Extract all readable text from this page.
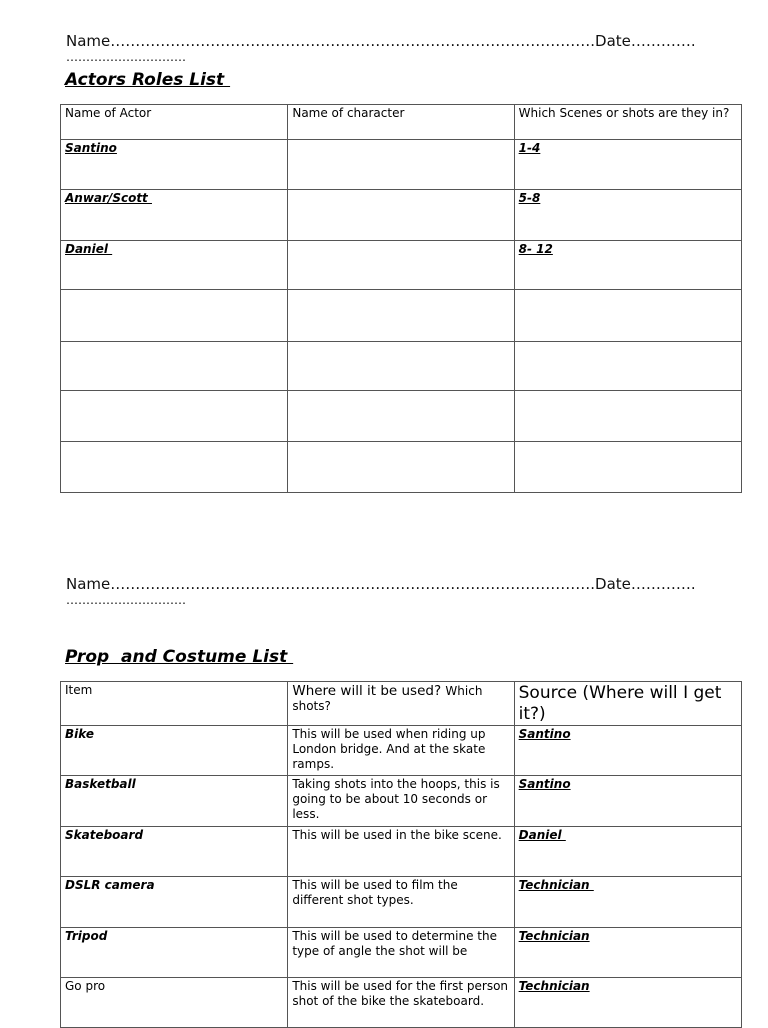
Name…………………………………………………………………………………….Date………….
…………………………
Actors Roles List
Name of Actor	Name of character	Which Scenes or shots are they in?
Santino		1-4
Anwar/Scott		5-8
Daniel		8- 12

Name…………………………………………………………………………………….Date………….
…………………………
Prop  and Costume List
Item	Where will it be used? Which shots?	Source (Where will I get it?)
Bike	This will be used when riding up London bridge. And at the skate ramps.	Santino
Basketball	Taking shots into the hoops, this is going to be about 10 seconds or less.	Santino
Skateboard	This will be used in the bike scene.	Daniel
DSLR camera	This will be used to film the different shot types.	Technician
Tripod	This will be used to determine the type of angle the shot will be	Technician
Go pro	This will be used for the first person shot of the bike the skateboard.	Technician
